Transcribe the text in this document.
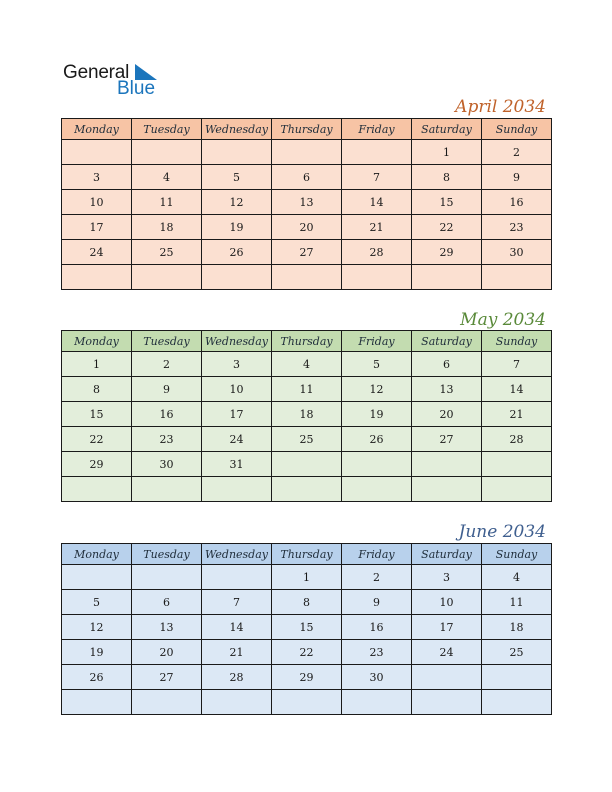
General
Blue
April 2034
Monday	Tuesday	Wednesday	Thursday	Friday	Saturday	Sunday
					1	2
3	4	5	6	7	8	9
10	11	12	13	14	15	16
17	18	19	20	21	22	23
24	25	26	27	28	29	30

May 2034
Monday	Tuesday	Wednesday	Thursday	Friday	Saturday	Sunday
1	2	3	4	5	6	7
8	9	10	11	12	13	14
15	16	17	18	19	20	21
22	23	24	25	26	27	28
29	30	31				

June 2034
Monday	Tuesday	Wednesday	Thursday	Friday	Saturday	Sunday
			1	2	3	4
5	6	7	8	9	10	11
12	13	14	15	16	17	18
19	20	21	22	23	24	25
26	27	28	29	30		
